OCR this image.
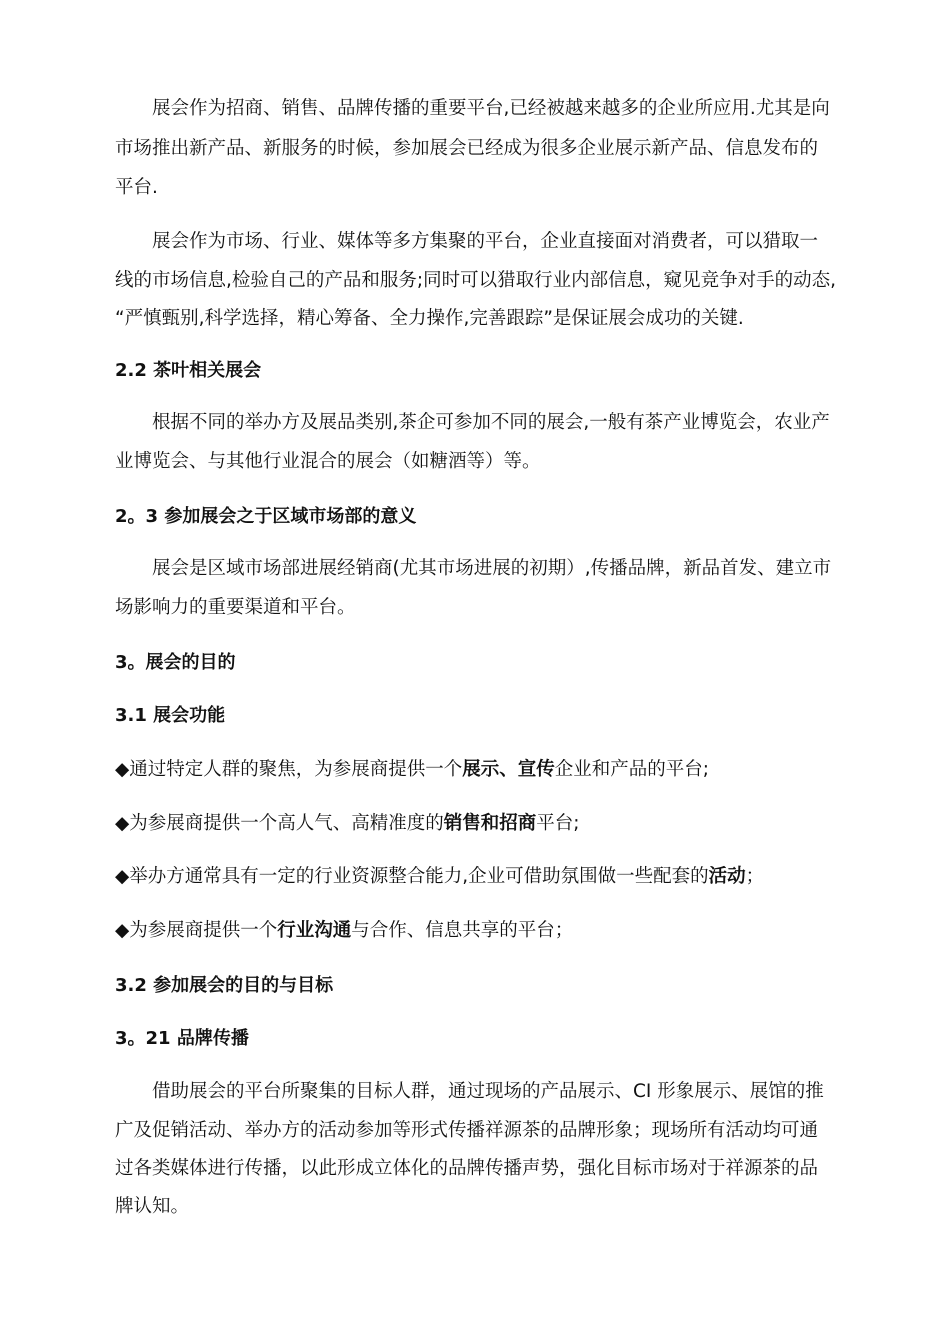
展会作为招商、销售、品牌传播的重要平台,已经被越来越多的企业所应用.尤其是向

市场推出新产品、新服务的时候，参加展会已经成为很多企业展示新产品、信息发布的

平台.

展会作为市场、行业、媒体等多方集聚的平台，企业直接面对消费者，可以猎取一

线的市场信息,检验自己的产品和服务;同时可以猎取行业内部信息，窥见竞争对手的动态,

“严慎甄别,科学选择，精心筹备、全力操作,完善跟踪”是保证展会成功的关键.

2.2 茶叶相关展会

根据不同的举办方及展品类别,茶企可参加不同的展会,一般有茶产业博览会，农业产

业博览会、与其他行业混合的展会（如糖酒等）等。

2。3 参加展会之于区域市场部的意义

展会是区域市场部进展经销商(尤其市场进展的初期）,传播品牌，新品首发、建立市

场影响力的重要渠道和平台。

3。展会的目的

3.1 展会功能

◆通过特定人群的聚焦，为参展商提供一个展示、宣传企业和产品的平台;

◆为参展商提供一个高人气、高精准度的销售和招商平台;

◆举办方通常具有一定的行业资源整合能力,企业可借助氛围做一些配套的活动；

◆为参展商提供一个行业沟通与合作、信息共享的平台；

3.2 参加展会的目的与目标

3。21 品牌传播

借助展会的平台所聚集的目标人群，通过现场的产品展示、CI 形象展示、展馆的推

广及促销活动、举办方的活动参加等形式传播祥源茶的品牌形象；现场所有活动均可通

过各类媒体进行传播，以此形成立体化的品牌传播声势，强化目标市场对于祥源茶的品

牌认知。
